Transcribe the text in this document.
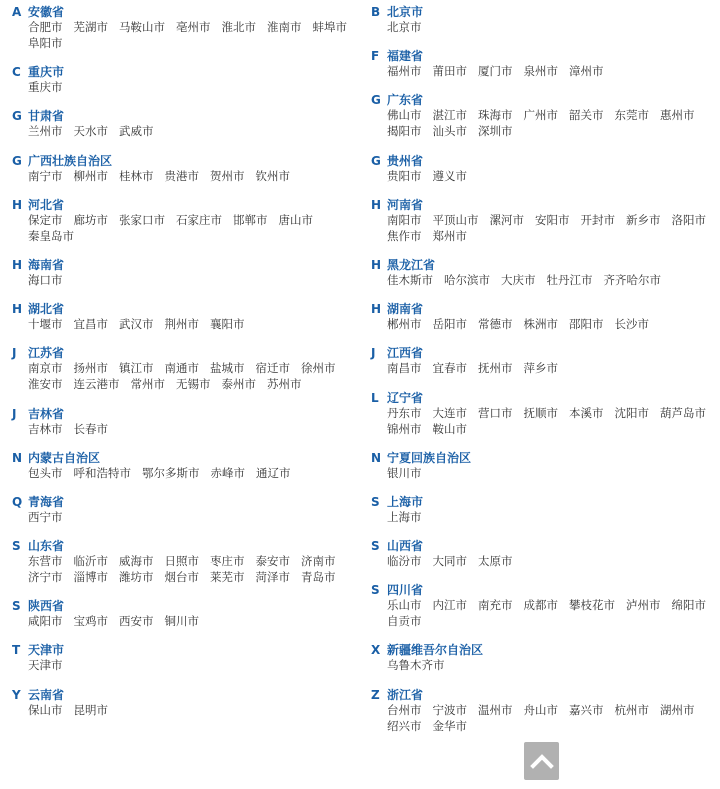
A 安徽省
合肥市 芜湖市 马鞍山市 亳州市 淮北市 淮南市 蚌埠市阜阳市
C 重庆市
重庆市
G 甘肃省
兰州市 天水市 武威市
G 广西壮族自治区
南宁市 柳州市 桂林市 贵港市 贺州市 钦州市
H 河北省
保定市 廊坊市 张家口市 石家庄市 邯郸市 唐山市秦皇岛市
H 海南省
海口市
H 湖北省
十堰市 宜昌市 武汉市 荆州市 襄阳市
J 江苏省
南京市 扬州市 镇江市 南通市 盐城市 宿迁市 徐州市淮安市 连云港市 常州市 无锡市 泰州市 苏州市
J 吉林省
吉林市 长春市
N 内蒙古自治区
包头市 呼和浩特市 鄂尔多斯市 赤峰市 通辽市
Q 青海省
西宁市
S 山东省
东营市 临沂市 威海市 日照市 枣庄市 泰安市 济南市济宁市 淄博市 潍坊市 烟台市 莱芜市 菏泽市 青岛市
S 陕西省
咸阳市 宝鸡市 西安市 铜川市
T 天津市
天津市
Y 云南省
保山市 昆明市
B 北京市
北京市
F 福建省
福州市 莆田市 厦门市 泉州市 漳州市
G 广东省
佛山市 湛江市 珠海市 广州市 韶关市 东莞市 惠州市揭阳市 汕头市 深圳市
G 贵州省
贵阳市 遵义市
H 河南省
南阳市 平顶山市 漯河市 安阳市 开封市 新乡市 洛阳市焦作市 郑州市
H 黑龙江省
佳木斯市 哈尔滨市 大庆市 牡丹江市 齐齐哈尔市
H 湖南省
郴州市 岳阳市 常德市 株洲市 邵阳市 长沙市
J 江西省
南昌市 宜春市 抚州市 萍乡市
L 辽宁省
丹东市 大连市 营口市 抚顺市 本溪市 沈阳市 葫芦岛市锦州市 鞍山市
N 宁夏回族自治区
银川市
S 上海市
上海市
S 山西省
临汾市 大同市 太原市
S 四川省
乐山市 内江市 南充市 成都市 攀枝花市 泸州市 绵阳市自贡市
X 新疆维吾尔自治区
乌鲁木齐市
Z 浙江省
台州市 宁波市 温州市 舟山市 嘉兴市 杭州市 湖州市绍兴市 金华市
